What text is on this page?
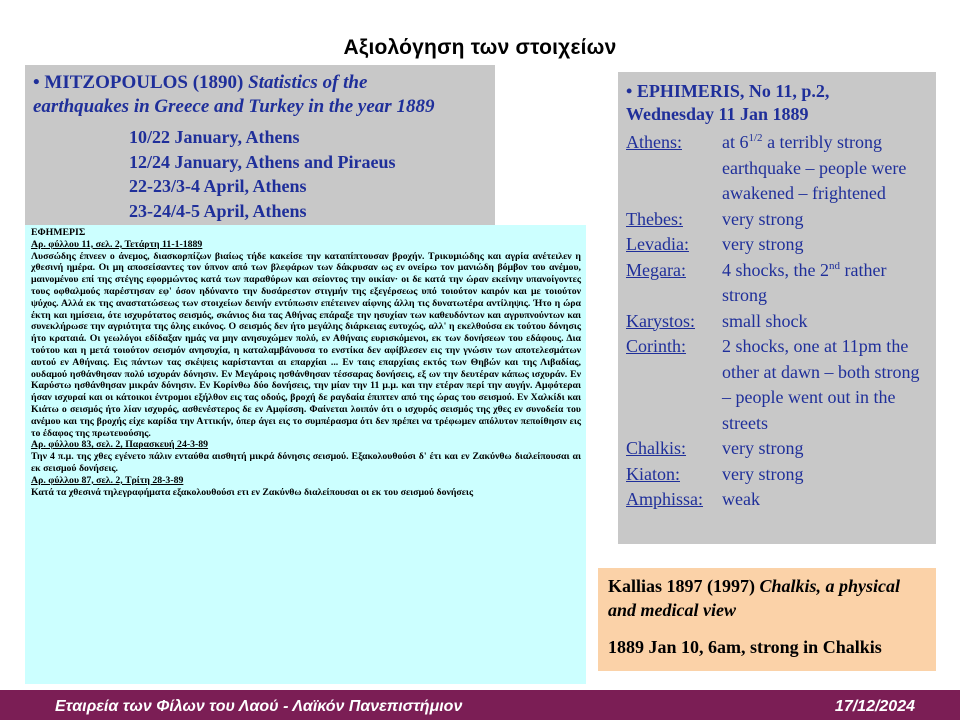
Αξιολόγηση των στοιχείων
• MITZOPOULOS (1890) Statistics of the
earthquakes in Greece and Turkey in the year 1889
10/22 January, Athens
12/24 January, Athens and Piraeus
22-23/3-4 April, Athens
23-24/4-5 April, Athens
ΕΦΗΜΕΡΙΣ
Αρ. φύλλου 11, σελ. 2, Τετάρτη 11-1-1889
Λυσσώδης έπνεεν ο άνεμος, διασκορπίζων βιαίως τήδε κακείσε την καταπίπτουσαν βροχήν. Τρικυμιώδης και αγρία ανέτειλεν η χθεσινή ημέρα. Οι μη αποσείσαντες τον ύπνον από των βλεφάρων των δάκρυσαν ως εν ονείρω τον μανιώδη βόμβον του ανέμου, μαινομένου επί της στέγης εφορμώντος κατά των παραθύρων και σείοντος την οικίαν· οι δε κατά την ώραν εκείνην υπανοίγοντες τους οφθαλμούς παρέστησαν εφ' όσον ηδύναντο την δυσάρεστον στιγμήν της εξεγέρσεως υπό τοιούτον καιρόν και με τοιούτον ψύχος. Αλλά εκ της αναστατώσεως των στοιχείων δεινήν εντύπωσιν επέτεινεν αίφνης άλλη τις δυνατωτέρα αντίληψις. Ήτο η ώρα έκτη και ημίσεια, ότε ισχυρότατος σεισμός, σκάνιος δια τας Αθήνας επάραξε την ησυχίαν των καθευδόντων και αγρυπνούντων και συνεκλήρωσε την αγριότητα της όλης εικόνος. Ο σεισμός δεν ήτο μεγάλης διάρκειας ευτυχώς, αλλ' η εκελθούσα εκ τούτου δόνησις ήτο κραταιά. Οι γεωλόγοι εδίδαξαν ημάς να μην ανησυχώμεν πολύ, εν Αθήναις ευρισκόμενοι, εκ των δονήσεων του εδάφους. Δια τούτου και η μετά τοιούτον σεισμόν ανησυχία, η καταλαμβάνουσα το ενστίκα δεν αφίβλεσεν εις την γνώσιν των αποτελεσμάτων αυτού εν Αθήναις. Εις πάντων τας σκέψεις καρίστανται αι επαρχίαι ... Εν ταις επαρχίαις εκτός των Θηβών και της Λιβαδίας, ουδαμού ησθάνθησαν πολύ ισχυράν δόνησιν. Εν Μεγάροις ησθάνθησαν τέσσαρας δονήσεις, εξ ων την δευτέραν κάπως ισχυράν. Εν Καρύστω ησθάνθησαν μικράν δόνησιν. Εν Κορίνθω δύο δονήσεις, την μίαν την 11 μ.μ. και την ετέραν περί την αυγήν. Αμφότεραι ήσαν ισχυραί και οι κάτοικοι έντρομοι εξήλθον εις τας οδούς, βροχή δε ραγδαία έπιπτεν από της ώρας του σεισμού. Εν Χαλκίδι και Κιάτω ο σεισμός ήτο λίαν ισχυρός, ασθενέστερος δε εν Αμφίσση. Φαίνεται λοιπόν ότι ο ισχυρός σεισμός της χθες εν συνοδεία του ανέμου και της βροχής είχε καρίδα την Αττικήν, όπερ άγει εις το συμπέρασμα ότι δεν πρέπει να τρέφωμεν απόλυτον πεποίθησιν εις το έδαφος της πρωτευούσης.
Αρ. φύλλου 83, σελ. 2, Παρασκευή 24-3-89
Την 4 π.μ. της χθες εγένετο πάλιν ενταύθα αισθητή μικρά δόνησις σεισμού. Εξακολουθούσι δ' έτι και εν Ζακύνθω διαλείπουσαι αι εκ σεισμού δονήσεις.
Αρ. φύλλου 87, σελ. 2, Τρίτη 28-3-89
Κατά τα χθεσινά τηλεγραφήματα εξακολουθούσι ετι εν Ζακύνθω διαλείπουσαι οι εκ του σεισμού δονήσεις
• EPHIMERIS, No 11, p.2,
Wednesday 11 Jan 1889
Athens:	at $6^{1/2}$ a terribly strong earthquake – people were awakened – frightened
Thebes:	very strong
Levadia:	very strong
Megara:	4 shocks, the 2nd rather strong
Karystos:	small shock
Corinth:	2 shocks, one at 11pm the other at dawn – both strong – people went out in the streets
Chalkis:	very strong
Kiaton:	very strong
Amphissa:	weak
Kallias 1897 (1997) Chalkis, a physical and medical view
1889 Jan 10, 6am, strong in Chalkis
Εταιρεία των Φίλων του Λαού - Λαϊκόν Πανεπιστήμιον	17/12/2024
